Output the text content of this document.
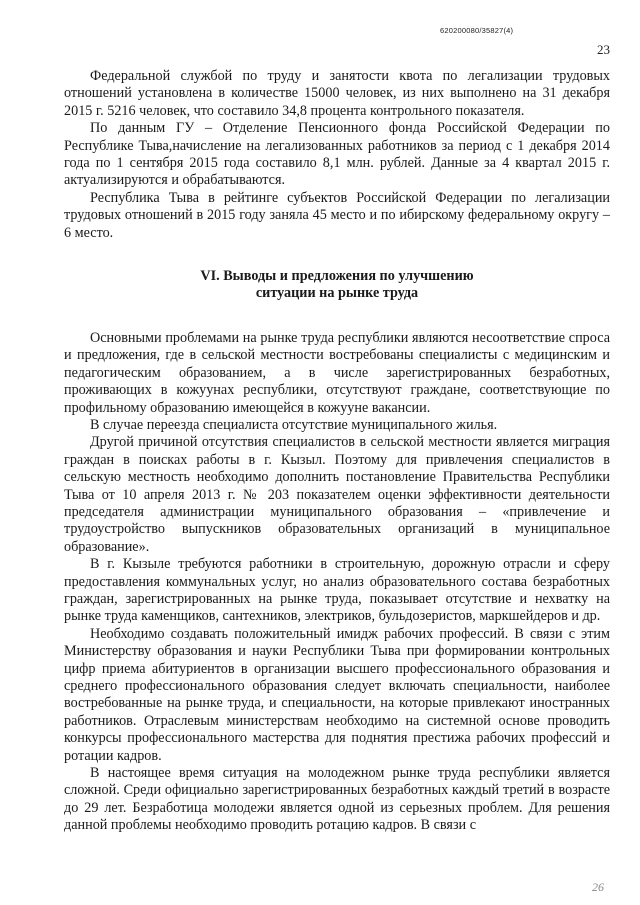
620200080/35827(4)
23

Федеральной службой по труду и занятости квота по легализации трудовых отношений установлена в количестве 15000 человек, из них выполнено на 31 декабря 2015 г. 5216 человек, что составило 34,8 процента контрольного показателя.

По данным ГУ – Отделение Пенсионного фонда Российской Федерации по Республике Тыва,начисление на легализованных работников за период с 1 декабря 2014 года по 1 сентября 2015 года составило 8,1 млн. рублей. Данные за 4 квартал 2015 г. актуализируются и обрабатываются.

Республика Тыва в рейтинге субъектов Российской Федерации по легализации трудовых отношений в 2015 году заняла 45 место и по ибирскому федеральному округу – 6 место.

VI. Выводы и предложения по улучшению
ситуации на рынке труда

Основными проблемами на рынке труда республики являются несоответствие спроса и предложения, где в сельской местности востребованы специалисты с медицинским и педагогическим образованием, а в числе зарегистрированных безработных, проживающих в кожуунах республики, отсутствуют граждане, соответствующие по профильному образованию имеющейся в кожууне вакансии.

В случае переезда специалиста отсутствие муниципального жилья.

Другой причиной отсутствия специалистов в сельской местности является миграция граждан в поисках работы в г. Кызыл. Поэтому для привлечения специалистов в сельскую местность необходимо дополнить постановление Правительства Республики Тыва от 10 апреля 2013 г. № 203 показателем оценки эффективности деятельности председателя администрации муниципального образования – «привлечение и трудоустройство выпускников образовательных организаций в муниципальное образование».

В г. Кызыле требуются работники в строительную, дорожную отрасли и сферу предоставления коммунальных услуг, но анализ образовательного состава безработных граждан, зарегистрированных на рынке труда, показывает отсутствие и нехватку на рынке труда каменщиков, сантехников, электриков, бульдозеристов, маркшейдеров и др.

Необходимо создавать положительный имидж рабочих профессий. В связи с этим Министерству образования и науки Республики Тыва при формировании контрольных цифр приема абитуриентов в организации высшего профессионального образования и среднего профессионального образования следует включать специальности, наиболее востребованные на рынке труда, и специальности, на которые привлекают иностранных работников. Отраслевым министерствам необходимо на системной основе проводить конкурсы профессионального мастерства для поднятия престижа рабочих профессий и ротации кадров.

В настоящее время ситуация на молодежном рынке труда республики является сложной. Среди официально зарегистрированных безработных каждый третий в возрасте до 29 лет. Безработица молодежи является одной из серьезных проблем. Для решения данной проблемы необходимо проводить ротацию кадров. В связи с

26
